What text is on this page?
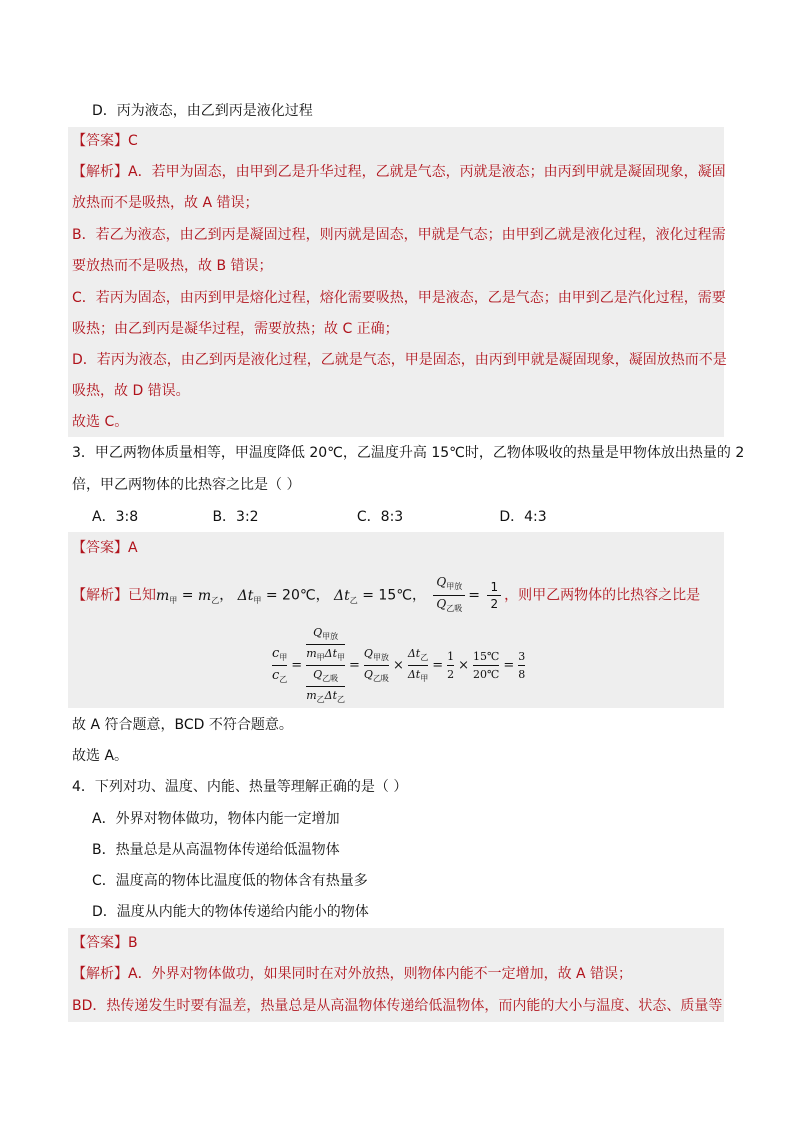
D．丙为液态，由乙到丙是液化过程
【答案】C
【解析】A．若甲为固态，由甲到乙是升华过程，乙就是气态，丙就是液态；由丙到甲就是凝固现象，凝固
放热而不是吸热，故 A 错误；
B．若乙为液态，由乙到丙是凝固过程，则丙就是固态，甲就是气态；由甲到乙就是液化过程，液化过程需
要放热而不是吸热，故 B 错误；
C．若丙为固态，由丙到甲是熔化过程，熔化需要吸热，甲是液态，乙是气态；由甲到乙是汽化过程，需要
吸热；由乙到丙是凝华过程，需要放热；故 C 正确；
D．若丙为液态，由乙到丙是液化过程，乙就是气态，甲是固态，由丙到甲就是凝固现象，凝固放热而不是
吸热，故 D 错误。
故选 C。
3．甲乙两物体质量相等，甲温度降低 20℃，乙温度升高 15℃时，乙物体吸收的热量是甲物体放出热量的 2
倍，甲乙两物体的比热容之比是（ ）
A．3:8	B．3:2	C．8:3	D．4:3
【答案】A
【解析】已知$m_甲 = m_乙$， $\Delta t_甲$ = 20℃， $\Delta t_乙$ = 15℃， $\frac{Q_{甲放}}{Q_{乙吸}} = \frac{1}{2}$ ，则甲乙两物体的比热容之比是
$c_甲$
$c_乙$
=
$Q_{甲放}$
$m_甲\Delta t_甲$
$Q_{乙吸}$
$m_乙\Delta t_乙$
=
$Q_{甲放}$
$Q_{乙吸}$
×
$\Delta t_乙$
$\Delta t_甲$
=
1
2
×
15℃
20℃
=
3
8
故 A 符合题意，BCD 不符合题意。
故选 A。
4．下列对功、温度、内能、热量等理解正确的是（ ）
A．外界对物体做功，物体内能一定增加
B．热量总是从高温物体传递给低温物体
C．温度高的物体比温度低的物体含有热量多
D．温度从内能大的物体传递给内能小的物体
【答案】B
【解析】A．外界对物体做功，如果同时在对外放热，则物体内能不一定增加，故 A 错误；
BD．热传递发生时要有温差，热量总是从高温物体传递给低温物体，而内能的大小与温度、状态、质量等
